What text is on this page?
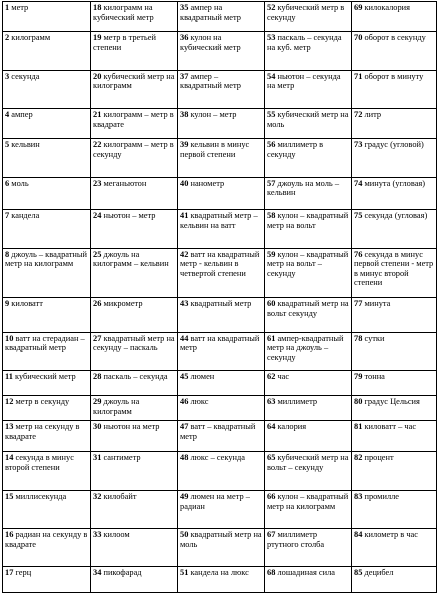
1 метр	18 килограмм на кубический метр	35 ампер на квадратный метр	52 кубический метр в секунду	69 килокалория
2 килограмм	19 метр в третьей степени	36 кулон на кубический метр	53 паскаль – секунда на куб. метр	70 оборот в секунду
3 секунда	20 кубический метр на килограмм	37 ампер – квадратный метр	54 ньютон – секунда на метр	71 оборот в минуту
4 ампер	21 килограмм – метр в квадрате	38 кулон – метр	55 кубический метр на моль	72 литр
5 кельвин	22 килограмм – метр в секунду	39 кельвин в минус первой степени	56 миллиметр в секунду	73 градус (угловой)
6 моль	23 меганьютон	40 нанометр	57 джоуль на моль – кельвин	74 минута (угловая)
7 кандела	24 ньютон – метр	41 квадратный метр – кельвин на ватт	58 кулон – квадратный метр на вольт	75 секунда (угловая)
8 джоуль – квадратный метр на килограмм	25 джоуль на килограмм – кельвин	42 ватт на квадратный метр - кельвин в четвертой степени	59 кулон – квадратный метр на вольт – секунду	76 секунда в минус первой степени - метр в минус второй степени
9 киловатт	26 микрометр	43 квадратный метр	60 квадратный метр на вольт секунду	77 минута
10 ватт на стерадиан – квадратный метр	27 квадратный метр на секунду – паскаль	44 ватт на квадратный метр	61 ампер-квадратный метр на джоуль – секунду	78 сутки
11 кубический метр	28 паскаль – секунда	45 люмен	62 час	79 тонна
12 метр в секунду	29 джоуль на килограмм	46 люкс	63 миллиметр	80 градус Цельсия
13 метр на секунду в квадрате	30 ньютон на метр	47 ватт – квадратный метр	64 калория	81 киловатт – час
14 секунда в минус второй степени	31 сантиметр	48 люкс – секунда	65 кубический метр на вольт – секунду	82 процент
15 миллисекунда	32 килобайт	49 люмен на метр – радиан	66 кулон – квадратный метр на килограмм	83 промилле
16 радиан на секунду в квадрате	33 килоом	50 квадратный метр на моль	67 миллиметр ртутного столба	84 километр в час
17 герц	34 пикофарад	51 кандела на люкс	68 лошадиная сила	85 децибел
